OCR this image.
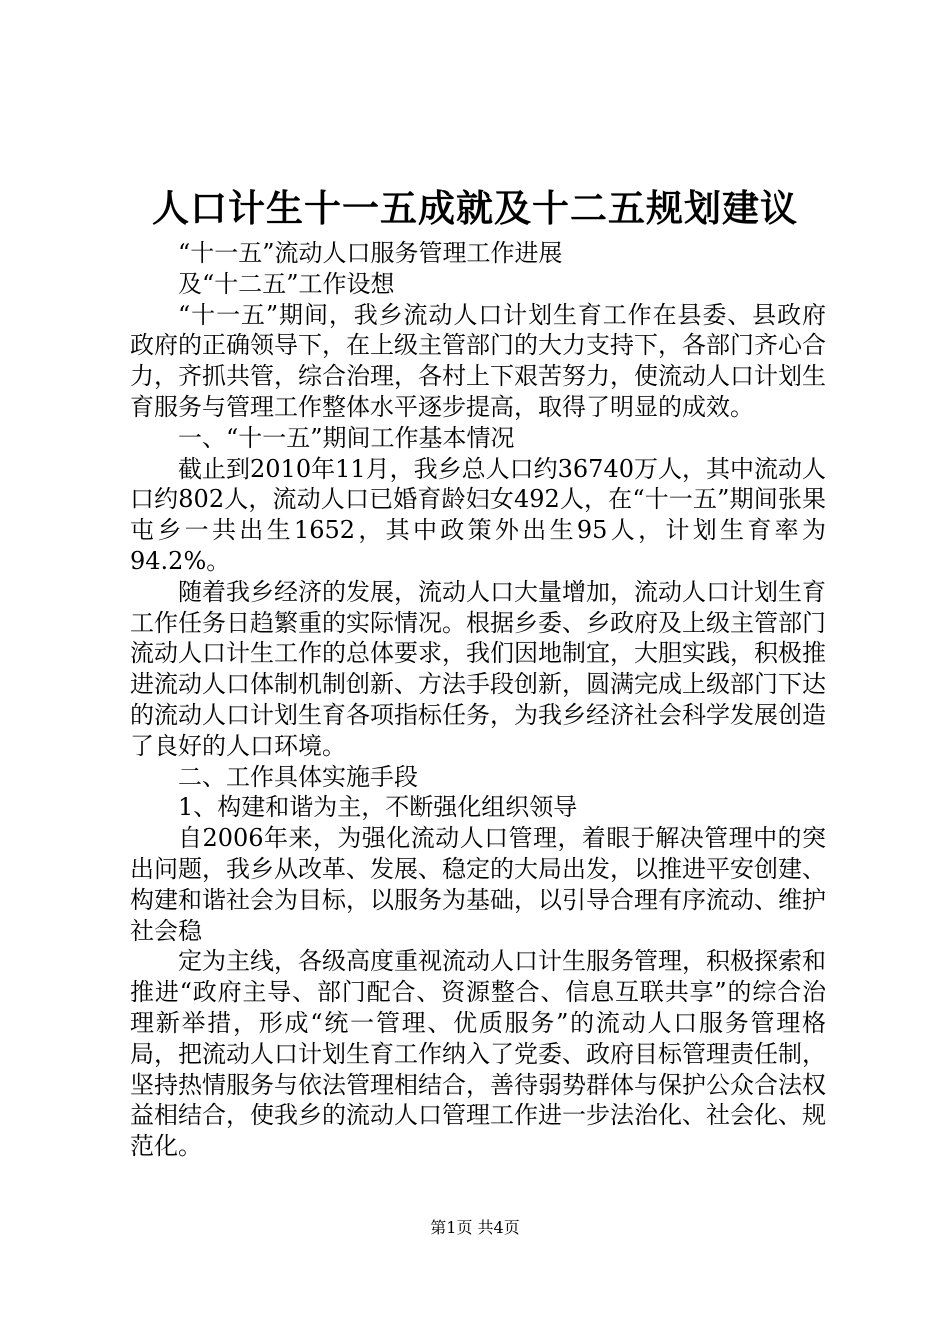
人口计生十一五成就及十二五规划建议

“十一五”流动人口服务管理工作进展

及“十二五”工作设想

“十一五”期间，我乡流动人口计划生育工作在县委、县政府政府的正确领导下，在上级主管部门的大力支持下，各部门齐心合力，齐抓共管，综合治理，各村上下艰苦努力，使流动人口计划生育服务与管理工作整体水平逐步提高，取得了明显的成效。

一、“十一五”期间工作基本情况

截止到2010年11月，我乡总人口约36740万人，其中流动人口约802人，流动人口已婚育龄妇女492人，在“十一五”期间张果屯乡一共出生1652，其中政策外出生95人，计划生育率为94.2%。

随着我乡经济的发展，流动人口大量增加，流动人口计划生育工作任务日趋繁重的实际情况。根据乡委、乡政府及上级主管部门流动人口计生工作的总体要求，我们因地制宜，大胆实践，积极推进流动人口体制机制创新、方法手段创新，圆满完成上级部门下达的流动人口计划生育各项指标任务，为我乡经济社会科学发展创造了良好的人口环境。

二、工作具体实施手段

1、构建和谐为主，不断强化组织领导

自2006年来，为强化流动人口管理，着眼于解决管理中的突出问题，我乡从改革、发展、稳定的大局出发，以推进平安创建、构建和谐社会为目标，以服务为基础，以引导合理有序流动、维护社会稳

定为主线，各级高度重视流动人口计生服务管理，积极探索和推进“政府主导、部门配合、资源整合、信息互联共享”的综合治理新举措，形成“统一管理、优质服务”的流动人口服务管理格局，把流动人口计划生育工作纳入了党委、政府目标管理责任制，坚持热情服务与依法管理相结合，善待弱势群体与保护公众合法权益相结合，使我乡的流动人口管理工作进一步法治化、社会化、规范化。

第1页 共4页
